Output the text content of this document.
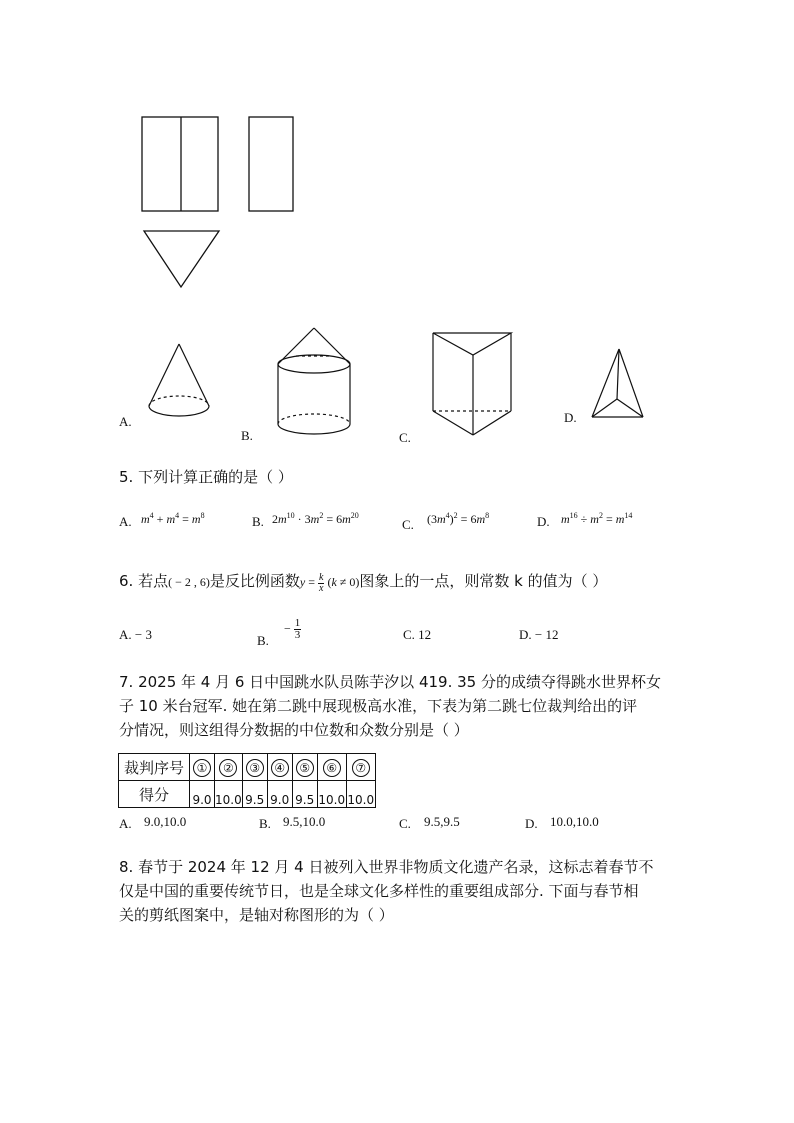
A.
B.	C.
D.
5. 下列计算正确的是（ ）
A. $m^4 + m^4 = m^8$	B. $2m^{10} \cdot 3m^2 = 6m^{20}$
C. $(3m^4)^2 = 6m^8$	D. $m^{16} \div m^2 = m^{14}$
6. 若点( − 2 , 6)是反比例函数$y = \frac{k}{x} (k \ne 0)$图象上的一点，则常数 k 的值为（ ）
A. − 3	B.
− $\frac{1}{3}$	C. 12	D. − 12
7. 2025 年 4 月 6 日中国跳水队员陈芋汐以 419. 35 分的成绩夺得跳水世界杯女
子 10 米台冠军. 她在第二跳中展现极高水准，下表为第二跳七位裁判给出的评
分情况，则这组得分数据的中位数和众数分别是（ ）
裁判序号	①	②	③	④	⑤	⑥	⑦
得分	9.0	10.0	9.5	9.0	9.5	10.0	10.0
A. 9.0,10.0	B. 9.5,10.0	C. 9.5,9.5	D. 10.0,10.0
8. 春节于 2024 年 12 月 4 日被列入世界非物质文化遗产名录，这标志着春节不
仅是中国的重要传统节日，也是全球文化多样性的重要组成部分. 下面与春节相
关的剪纸图案中，是轴对称图形的为（ ）
